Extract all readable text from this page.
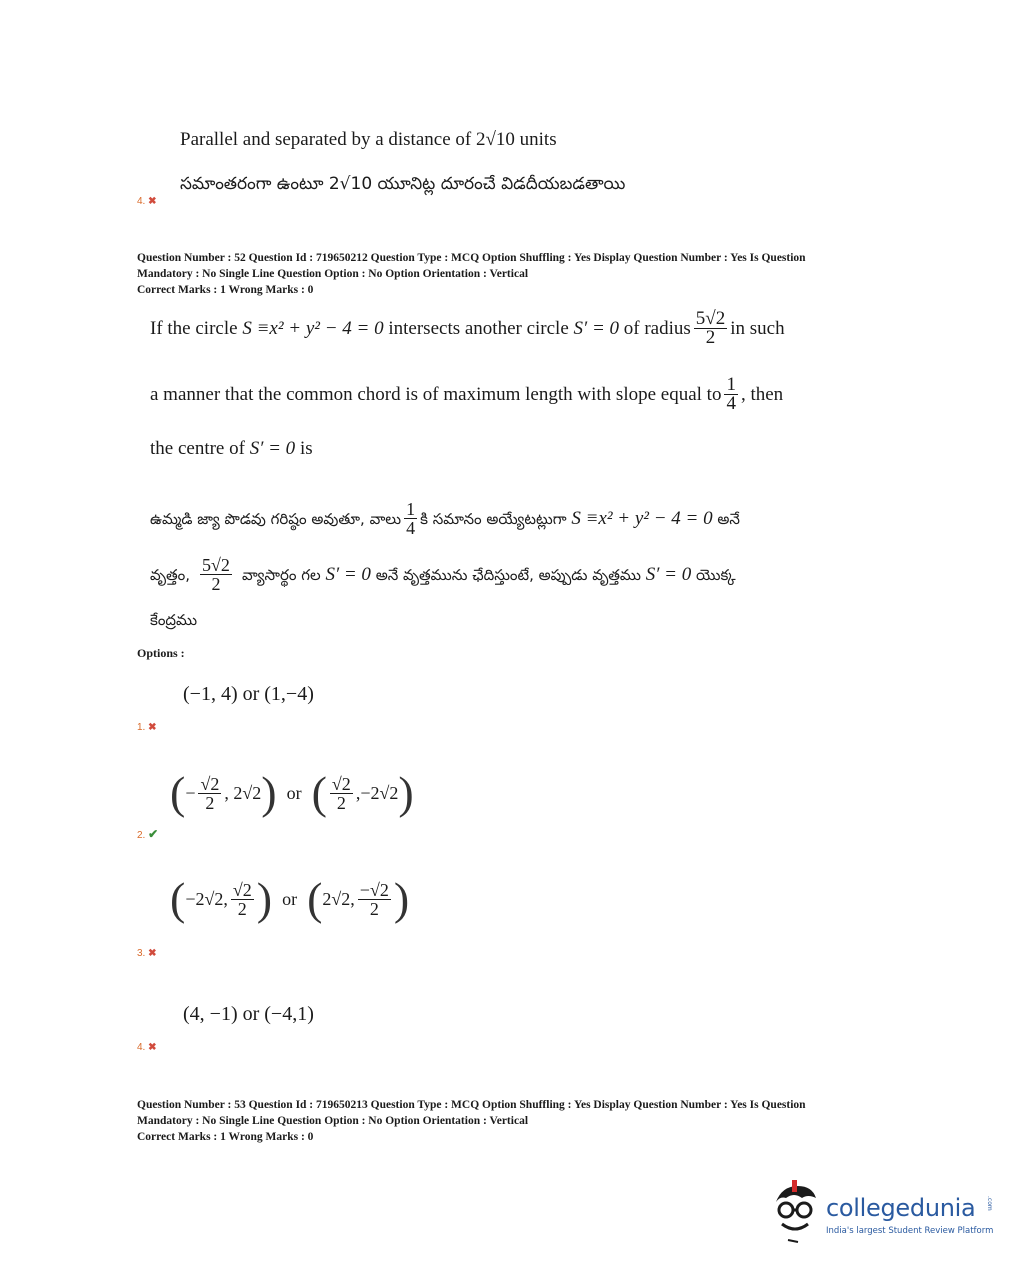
Parallel and separated by a distance of 2√10 units
సమాంతరంగా ఉంటూ 2√10 యూనిట్ల దూరంచే విడదీయబడతాయి
4. ✖
Question Number : 52 Question Id : 719650212 Question Type : MCQ Option Shuffling : Yes Display Question Number : Yes Is Question
Mandatory : No Single Line Question Option : No Option Orientation : Vertical
Correct Marks : 1 Wrong Marks : 0
If the circle
S ≡x² + y² − 4 = 0
intersects another circle
S′ = 0
of radius $\frac{5√2}{2}$ in such
a manner that the common chord is of maximum length with slope equal to $\frac{1}{4}$ , then
the centre of S′ = 0 is
ఉమ్మడి జ్యా పొడవు గరిష్ఠం అవుతూ, వాలు $\frac{1}{4}$ కి సమానం అయ్యేటట్లుగా
S ≡x² + y² − 4 = 0
అనే
వృత్తం, $\frac{5√2}{2}$ వ్యాసార్థం గల
S′ = 0
అనే వృత్తమును ఛేదిస్తుంటే, అప్పుడు వృత్తము
S′ = 0
యొక్క
కేంద్రము
Options :
(−1, 4) or (1,−4)
1. ✖
( − $\frac{√2}{2}$ , 2√2 ) or ( $\frac{√2}{2} ,-2√2$ )
2. ✔
( −2√2, $\frac{√2}{2}$ ) or ( 2√2, $\frac{-√2}{2}$ )
3. ✖
(4, −1) or (−4,1)
4. ✖
Question Number : 53 Question Id : 719650213 Question Type : MCQ Option Shuffling : Yes Display Question Number : Yes Is Question
Mandatory : No Single Line Question Option : No Option Orientation : Vertical
Correct Marks : 1 Wrong Marks : 0
collegedunia .com
India's largest Student Review Platform
